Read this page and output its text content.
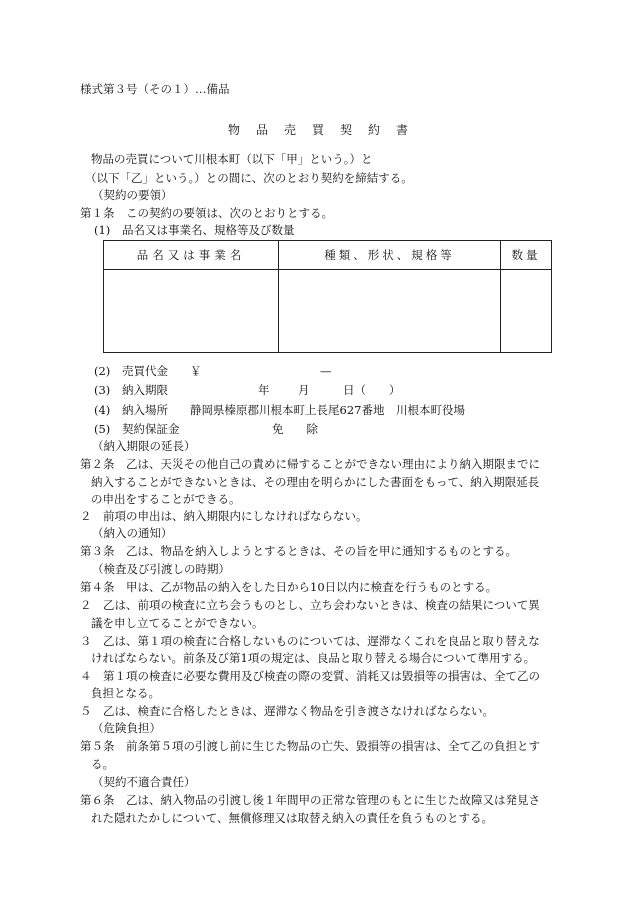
様式第３号（その１）…備品
物品売買契約書
物品の売買について川根本町（以下「甲」という。）と
（以下「乙」という。）との間に、次のとおり契約を締結する。
（契約の要領）
第１条　この契約の要領は、次のとおりとする。
(1) 品名又は事業名、規格等及び数量
品名又は事業名	種類、形状、規格等	数量

(2) 売買代金 ￥	—
(3) 納入期限	年 月	日（　　）
(4) 納入場所 静岡県榛原郡川根本町上長尾627番地　川根本町役場
(5) 契約保証金	免　　除
（納入期限の延長）
第２条　乙は、天災その他自己の責めに帰することができない理由により納入期限までに
納入することができないときは、その理由を明らかにした書面をもって、納入期限延長
の申出をすることができる。
２　前項の申出は、納入期限内にしなければならない。
（納入の通知）
第３条　乙は、物品を納入しようとするときは、その旨を甲に通知するものとする。
（検査及び引渡しの時期）
第４条　甲は、乙が物品の納入をした日から10日以内に検査を行うものとする。
２　乙は、前項の検査に立ち会うものとし、立ち会わないときは、検査の結果について異
議を申し立てることができない。
３　乙は、第１項の検査に合格しないものについては、遅滞なくこれを良品と取り替えな
ければならない。前条及び第1項の規定は、良品と取り替える場合について準用する。
４　第１項の検査に必要な費用及び検査の際の変質、消耗又は毀損等の損害は、全て乙の
負担となる。
５　乙は、検査に合格したときは、遅滞なく物品を引き渡さなければならない。
（危険負担）
第５条　前条第５項の引渡し前に生じた物品の亡失、毀損等の損害は、全て乙の負担とす
る。
（契約不適合責任）
第６条　乙は、納入物品の引渡し後１年間甲の正常な管理のもとに生じた故障又は発見さ
れた隠れたかしについて、無償修理又は取替え納入の責任を負うものとする。
